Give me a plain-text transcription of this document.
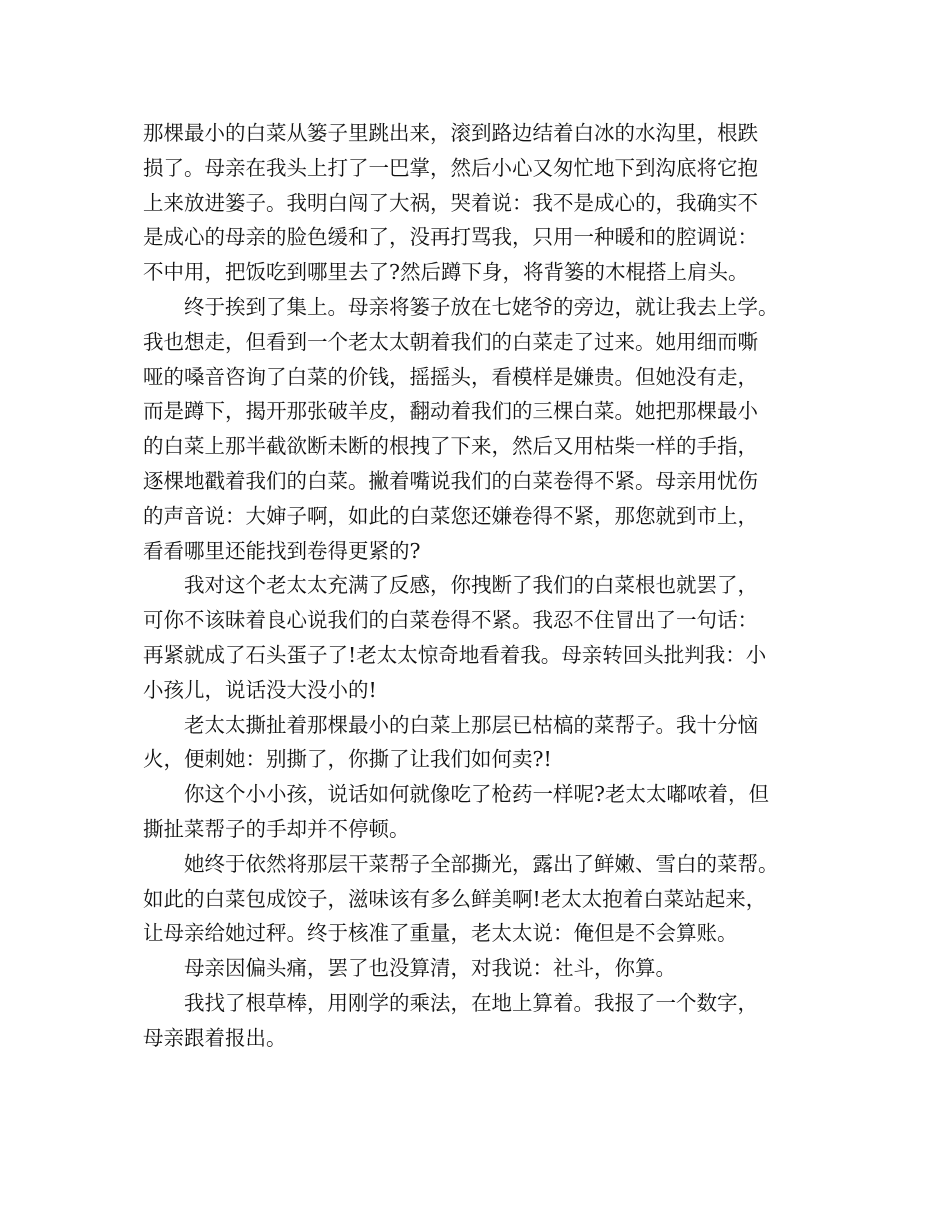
那棵最小的白菜从篓子里跳出来，滚到路边结着白冰的水沟里，根跌
损了。母亲在我头上打了一巴掌，然后小心又匆忙地下到沟底将它抱
上来放进篓子。我明白闯了大祸，哭着说：我不是成心的，我确实不
是成心的母亲的脸色缓和了，没再打骂我，只用一种暖和的腔调说：
不中用，把饭吃到哪里去了?然后蹲下身，将背篓的木棍搭上肩头。
终于挨到了集上。母亲将篓子放在七姥爷的旁边，就让我去上学。
我也想走，但看到一个老太太朝着我们的白菜走了过来。她用细而嘶
哑的嗓音咨询了白菜的价钱，摇摇头，看模样是嫌贵。但她没有走，
而是蹲下，揭开那张破羊皮，翻动着我们的三棵白菜。她把那棵最小
的白菜上那半截欲断未断的根拽了下来，然后又用枯柴一样的手指，
逐棵地戳着我们的白菜。撇着嘴说我们的白菜卷得不紧。母亲用忧伤
的声音说：大婶子啊，如此的白菜您还嫌卷得不紧，那您就到市上，
看看哪里还能找到卷得更紧的?
我对这个老太太充满了反感，你拽断了我们的白菜根也就罢了，
可你不该昧着良心说我们的白菜卷得不紧。我忍不住冒出了一句话：
再紧就成了石头蛋子了!老太太惊奇地看着我。母亲转回头批判我：小
小孩儿，说话没大没小的!
老太太撕扯着那棵最小的白菜上那层已枯槁的菜帮子。我十分恼
火，便刺她：别撕了，你撕了让我们如何卖?!
你这个小小孩，说话如何就像吃了枪药一样呢?老太太嘟哝着，但
撕扯菜帮子的手却并不停顿。
她终于依然将那层干菜帮子全部撕光，露出了鲜嫩、雪白的菜帮。
如此的白菜包成饺子，滋味该有多么鲜美啊!老太太抱着白菜站起来，
让母亲给她过秤。终于核准了重量，老太太说：俺但是不会算账。
母亲因偏头痛，罢了也没算清，对我说：社斗，你算。
我找了根草棒，用刚学的乘法，在地上算着。我报了一个数字，
母亲跟着报出。
